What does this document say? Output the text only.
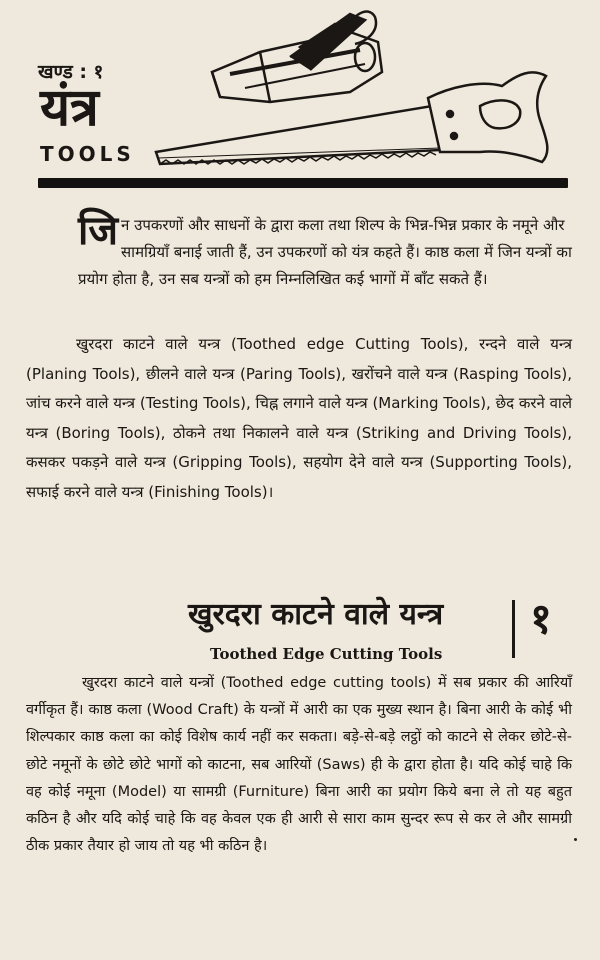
खण्ड : १
यंत्र
TOOLS
जिन उपकरणों और साधनों के द्वारा कला तथा शिल्प के भिन्न-भिन्न प्रकार के नमूने और सामग्रियाँ बनाई जाती हैं, उन उपकरणों को यंत्र कहते हैं। काष्ठ कला में जिन यन्त्रों का प्रयोग होता है, उन सब यन्त्रों को हम निम्नलिखित कई भागों में बाँट सकते हैं।
खुरदरा काटने वाले यन्त्र (Toothed edge Cutting Tools), रन्दने वाले यन्त्र (Planing Tools), छीलने वाले यन्त्र (Paring Tools), खरोंचने वाले यन्त्र (Rasping Tools), जांच करने वाले यन्त्र (Testing Tools), चिह्न लगाने वाले यन्त्र (Marking Tools), छेद करने वाले यन्त्र (Boring Tools), ठोकने तथा निकालने वाले यन्त्र (Striking and Driving Tools), कसकर पकड़ने वाले यन्त्र (Gripping Tools), सहयोग देने वाले यन्त्र (Supporting Tools), सफाई करने वाले यन्त्र (Finishing Tools)।
खुरदरा काटने वाले यन्त्र
Toothed Edge Cutting Tools
१
खुरदरा काटने वाले यन्त्रों (Toothed edge cutting tools) में सब प्रकार की आरियाँ वर्गीकृत हैं। काष्ठ कला (Wood Craft) के यन्त्रों में आरी का एक मुख्य स्थान है। बिना आरी के कोई भी शिल्पकार काष्ठ कला का कोई विशेष कार्य नहीं कर सकता। बड़े-से-बड़े लट्ठों को काटने से लेकर छोटे-से-छोटे नमूनों के छोटे छोटे भागों को काटना, सब आरियों (Saws) ही के द्वारा होता है। यदि कोई चाहे कि वह कोई नमूना (Model) या सामग्री (Furniture) बिना आरी का प्रयोग किये बना ले तो यह बहुत कठिन है और यदि कोई चाहे कि वह केवल एक ही आरी से सारा काम सुन्दर रूप से कर ले और सामग्री ठीक प्रकार तैयार हो जाय तो यह भी कठिन है।
